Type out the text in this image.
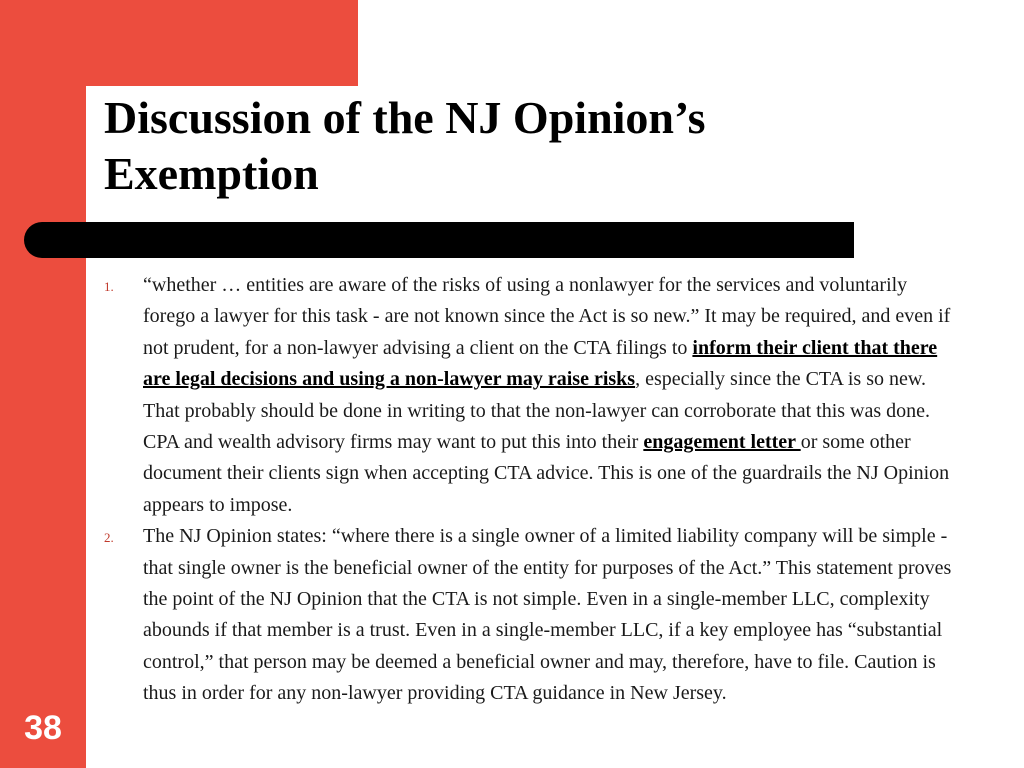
Discussion of the NJ Opinion’s Exemption
1. “whether … entities are aware of the risks of using a nonlawyer for the services and voluntarily forego a lawyer for this task - are not known since the Act is so new.” It may be required, and even if not prudent, for a non-lawyer advising a client on the CTA filings to inform their client that there are legal decisions and using a non-lawyer may raise risks, especially since the CTA is so new. That probably should be done in writing to that the non-lawyer can corroborate that this was done. CPA and wealth advisory firms may want to put this into their engagement letter or some other document their clients sign when accepting CTA advice. This is one of the guardrails the NJ Opinion appears to impose.
2. The NJ Opinion states: “where there is a single owner of a limited liability company will be simple - that single owner is the beneficial owner of the entity for purposes of the Act.” This statement proves the point of the NJ Opinion that the CTA is not simple. Even in a single-member LLC, complexity abounds if that member is a trust. Even in a single-member LLC, if a key employee has “substantial control,” that person may be deemed a beneficial owner and may, therefore, have to file. Caution is thus in order for any non-lawyer providing CTA guidance in New Jersey.
38
